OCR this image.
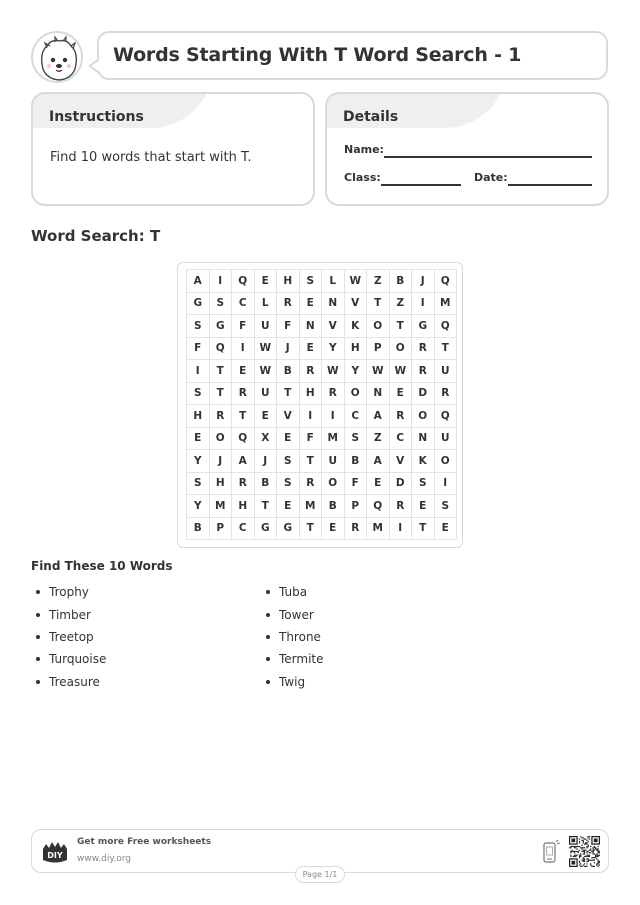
Words Starting With T Word Search - 1
Instructions
Find 10 words that start with T.
Details
Name:
Class:	Date:
Word Search: T
A	I	Q	E	H	S	L	W	Z	B	J	Q
G	S	C	L	R	E	N	V	T	Z	I	M
S	G	F	U	F	N	V	K	O	T	G	Q
F	Q	I	W	J	E	Y	H	P	O	R	T
I	T	E	W	B	R	W	Y	W	W	R	U
S	T	R	U	T	H	R	O	N	E	D	R
H	R	T	E	V	I	I	C	A	R	O	Q
E	O	Q	X	E	F	M	S	Z	C	N	U
Y	J	A	J	S	T	U	B	A	V	K	O
S	H	R	B	S	R	O	F	E	D	S	I
Y	M	H	T	E	M	B	P	Q	R	E	S
B	P	C	G	G	T	E	R	M	I	T	E
Find These 10 Words
Trophy
Timber
Treetop
Turquoise
Treasure
Tuba
Tower
Throne
Termite
Twig
DIY
Get more Free worksheets
www.diy.org
Page 1/1
